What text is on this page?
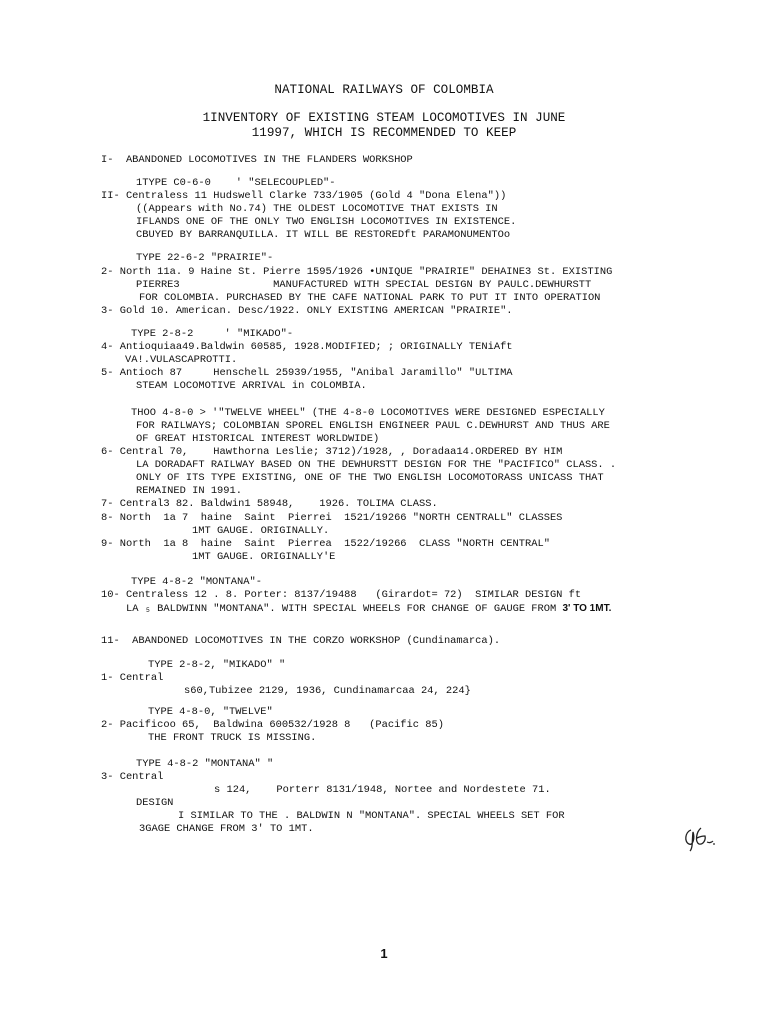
NATIONAL RAILWAYS OF COLOMBIA
1INVENTORY OF EXISTING STEAM LOCOMOTIVES IN JUNE
11997, WHICH IS RECOMMENDED TO KEEP
I-  ABANDONED LOCOMOTIVES IN THE FLANDERS WORKSHOP
1TYPE C0-6-0    ' "SELECOUPLED"-
II- Centraless 11 Hudswell Clarke 733/1905 (Gold 4 "Dona Elena"))
((Appears with No.74) THE OLDEST LOCOMOTIVE THAT EXISTS IN
IFLANDS ONE OF THE ONLY TWO ENGLISH LOCOMOTIVES IN EXISTENCE.
CBUYED BY BARRANQUILLA. IT WILL BE RESTOREDft PARAMONUMENTOo
TYPE 22-6-2 "PRAIRIE"-
2- North 11a. 9 Haine St. Pierre 1595/1926 •UNIQUE "PRAIRIE" DEHAINE3 St. EXISTING
PIERRE3               MANUFACTURED WITH SPECIAL DESIGN BY PAULC.DEWHURSTT
FOR COLOMBIA. PURCHASED BY THE CAFE NATIONAL PARK TO PUT IT INTO OPERATION
3- Gold 10. American. Desc/1922. ONLY EXISTING AMERICAN "PRAIRIE".
TYPE 2-8-2     ' "MIKADO"-
4- Antioquiaa49.Baldwin 60585, 1928.MODIFIED; ; ORIGINALLY TENiAft
VA!.VULASCAPROTTI.
5- Antioch 87     HenschelL 25939/1955, "Anibal Jaramillo" "ULTIMA
STEAM LOCOMOTIVE ARRIVAL in COLOMBIA.
THOO 4-8-0 > '"TWELVE WHEEL" (THE 4-8-0 LOCOMOTIVES WERE DESIGNED ESPECIALLY
FOR RAILWAYS; COLOMBIAN SPOREL ENGLISH ENGINEER PAUL C.DEWHURST AND THUS ARE
OF GREAT HISTORICAL INTEREST WORLDWIDE)
6- Central 70,    Hawthorna Leslie; 3712)/1928, , Doradaa14.ORDERED BY HIM
LA DORADAFT RAILWAY BASED ON THE DEWHURSTT DESIGN FOR THE "PACIFICO" CLASS. .
ONLY OF ITS TYPE EXISTING, ONE OF THE TWO ENGLISH LOCOMOTORASS UNICASS THAT
REMAINED IN 1991.
7- Central3 82. Baldwin1 58948,    1926. TOLIMA CLASS.
8- North  1a 7  haine  Saint  Pierrei  1521/19266 "NORTH CENTRALL" CLASSES
1MT GAUGE. ORIGINALLY.
9- North  1a 8  haine  Saint  Pierrea  1522/19266  CLASS "NORTH CENTRAL"
1MT GAUGE. ORIGINALLY'E
TYPE 4-8-2 "MONTANA"-
10- Centraless 12 . 8. Porter: 8137/19488   (Girardot= 72)  SIMILAR DESIGN ft
LA ₅ BALDWINN "MONTANA". WITH SPECIAL WHEELS FOR CHANGE OF GAUGE FROM 3' TO 1MT.
11-  ABANDONED LOCOMOTIVES IN THE CORZO WORKSHOP (Cundinamarca).
TYPE 2-8-2, "MIKADO" "
1- Central
s60,Tubizee 2129, 1936, Cundinamarcaa 24, 224}
TYPE 4-8-0, "TWELVE"
2- Pacificoo 65,  Baldwina 600532/1928 8   (Pacific 85)
THE FRONT TRUCK IS MISSING.
TYPE 4-8-2 "MONTANA" "
3- Central
s 124,    Porterr 8131/1948, Nortee and Nordestete 71.
DESIGN
I SIMILAR TO THE . BALDWIN N "MONTANA". SPECIAL WHEELS SET FOR
3GAGE CHANGE FROM 3' TO 1MT.
1
